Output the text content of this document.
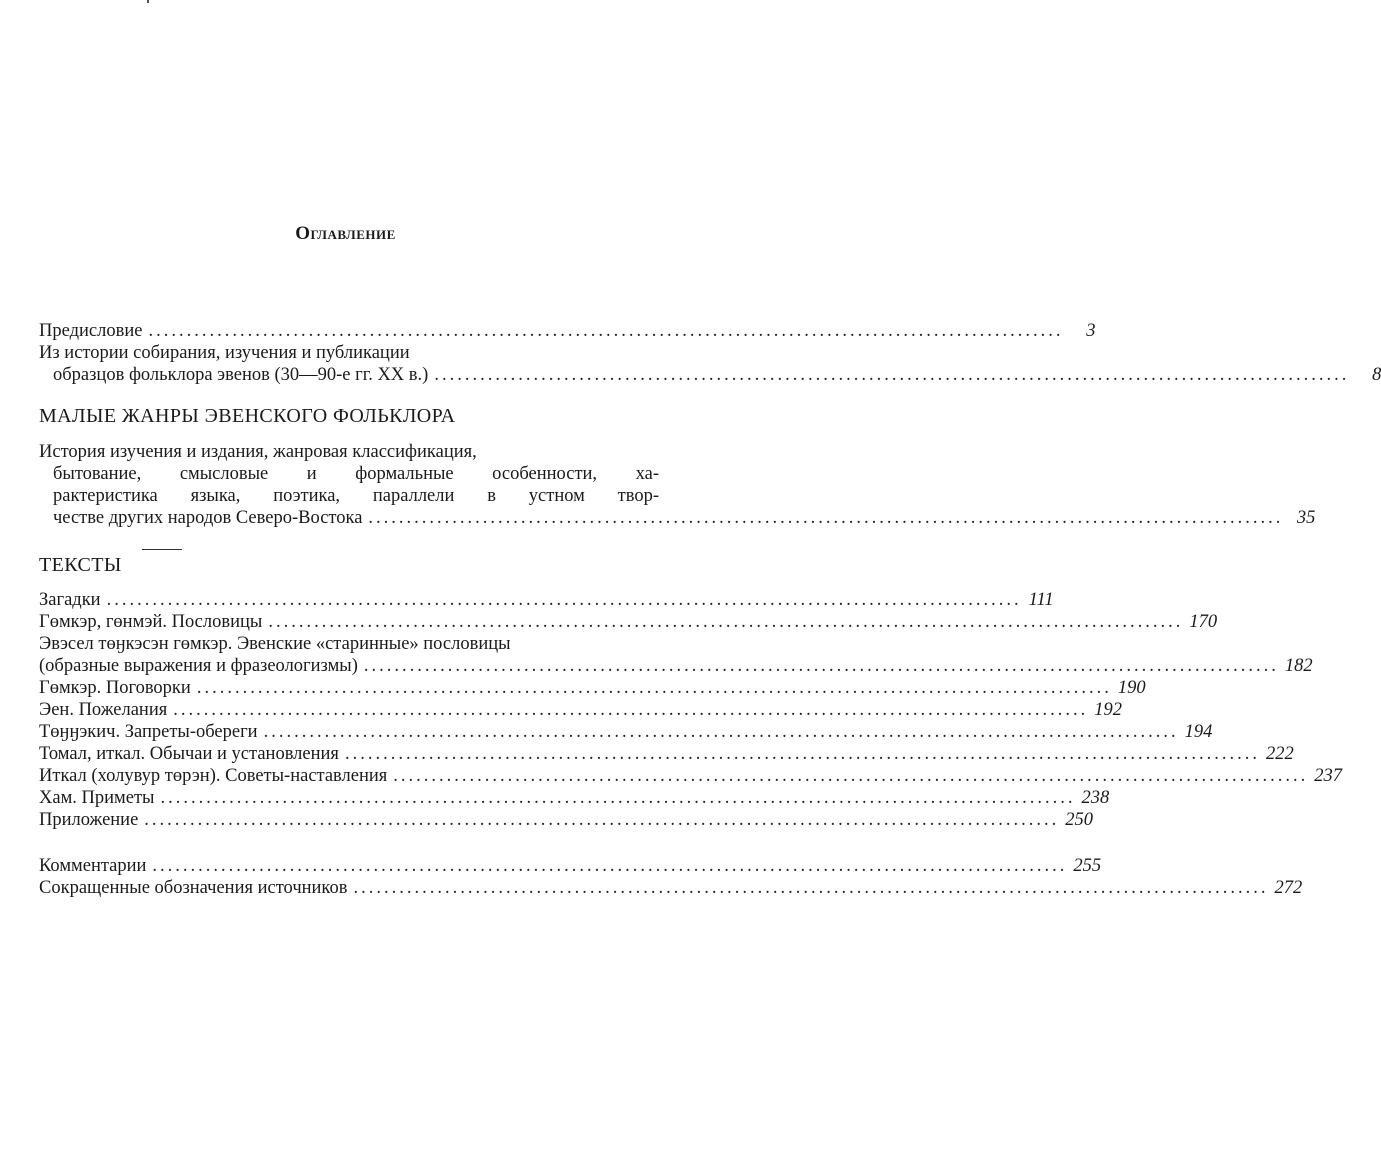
Оглавление
Предисловие ........................................................................................................................	3
Из истории собирания, изучения и публикации
образцов фольклора эвенов (30—90-е гг. XX в.) ........................................................................................................................	8
МАЛЫЕ ЖАНРЫ ЭВЕНСКОГО ФОЛЬКЛОРА
История изучения и издания, жанровая классификация,
бытование, смысловые и формальные особенности, ха-
рактеристика языка, поэтика, параллели в устном твор-
честве других народов Северо-Востока ........................................................................................................................ 35
ТЕКСТЫ
Загадки ........................................................................................................................ 111
Гөмкэр, гөнмэй. Пословицы ........................................................................................................................ 170
Эвэсел төӈкэсэн гөмкэр. Эвенские «старинные» пословицы
(образные выражения и фразеологизмы) ........................................................................................................................ 182
Гөмкэр. Поговорки ........................................................................................................................ 190
Эен. Пожелания ........................................................................................................................ 192
Төӈӈэкич. Запреты-обереги ........................................................................................................................ 194
Томал, иткал. Обычаи и установления ........................................................................................................................ 222
Иткал (холувур төрэн). Советы-наставления ........................................................................................................................ 237
Хам. Приметы ........................................................................................................................ 238
Приложение ........................................................................................................................ 250
Комментарии ........................................................................................................................ 255
Сокращенные обозначения источников ........................................................................................................................ 272
